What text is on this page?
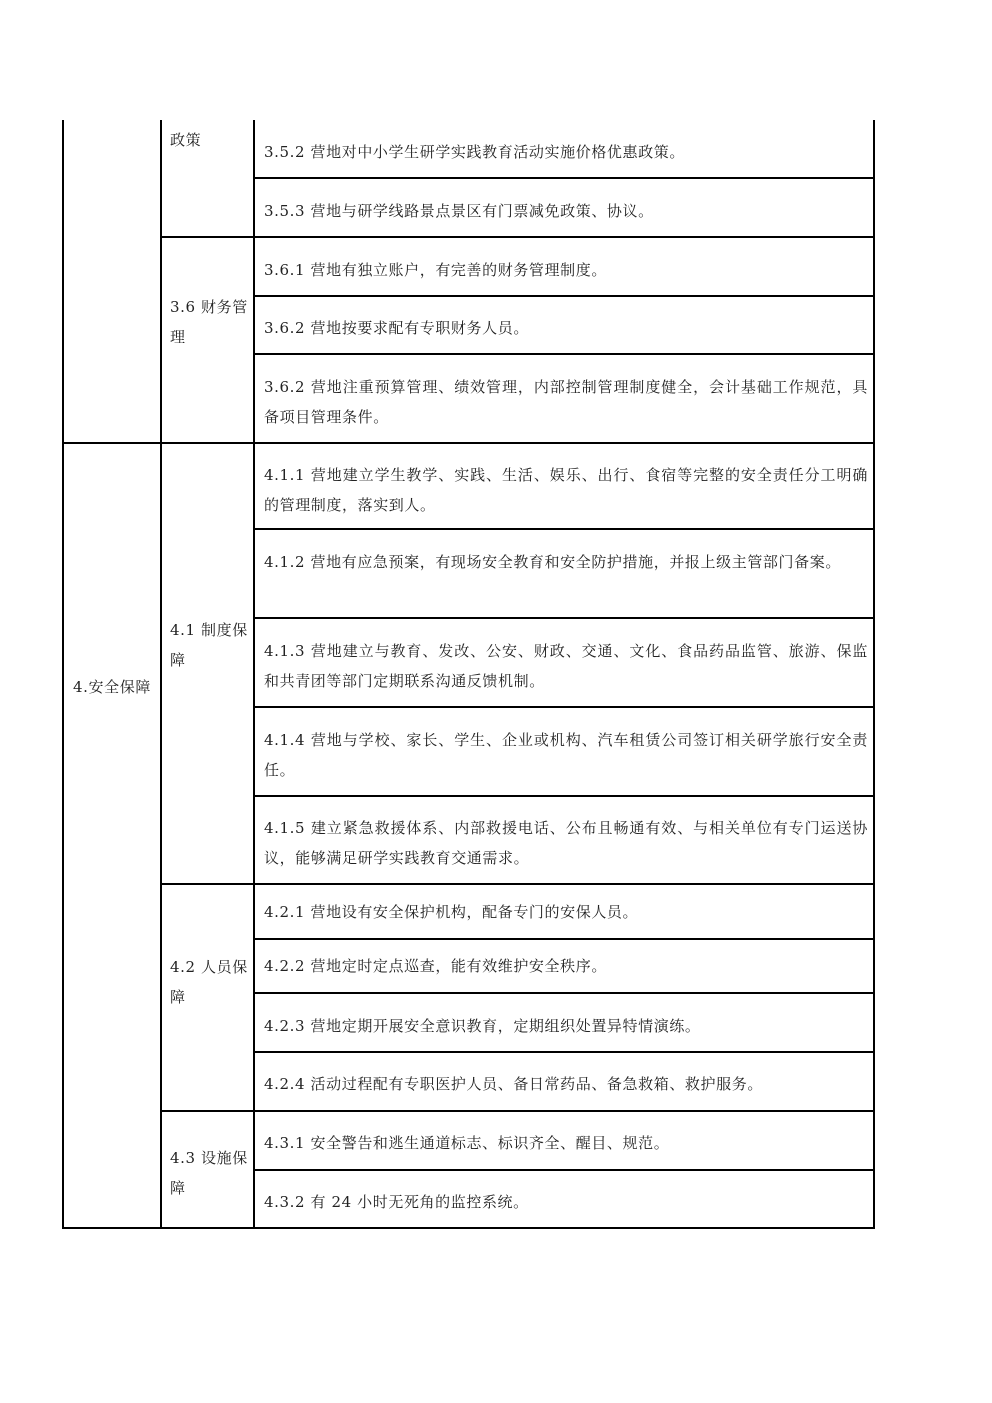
4.安全保障
政策
3.6 财务管理
4.1 制度保障
4.2 人员保障
4.3 设施保障
3.5.2 营地对中小学生研学实践教育活动实施价格优惠政策。
3.5.3 营地与研学线路景点景区有门票减免政策、协议。
3.6.1 营地有独立账户，有完善的财务管理制度。
3.6.2 营地按要求配有专职财务人员。
3.6.2 营地注重预算管理、绩效管理，内部控制管理制度健全，会计基础工作规范，具备项目管理条件。
4.1.1 营地建立学生教学、实践、生活、娱乐、出行、食宿等完整的安全责任分工明确的管理制度，落实到人。
4.1.2 营地有应急预案，有现场安全教育和安全防护措施，并报上级主管部门备案。
4.1.3 营地建立与教育、发改、公安、财政、交通、文化、食品药品监管、旅游、保监和共青团等部门定期联系沟通反馈机制。
4.1.4 营地与学校、家长、学生、企业或机构、汽车租赁公司签订相关研学旅行安全责任。
4.1.5 建立紧急救援体系、内部救援电话、公布且畅通有效、与相关单位有专门运送协议，能够满足研学实践教育交通需求。
4.2.1 营地设有安全保护机构，配备专门的安保人员。
4.2.2 营地定时定点巡查，能有效维护安全秩序。
4.2.3 营地定期开展安全意识教育，定期组织处置异特情演练。
4.2.4 活动过程配有专职医护人员、备日常药品、备急救箱、救护服务。
4.3.1 安全警告和逃生通道标志、标识齐全、醒目、规范。
4.3.2 有 24 小时无死角的监控系统。
